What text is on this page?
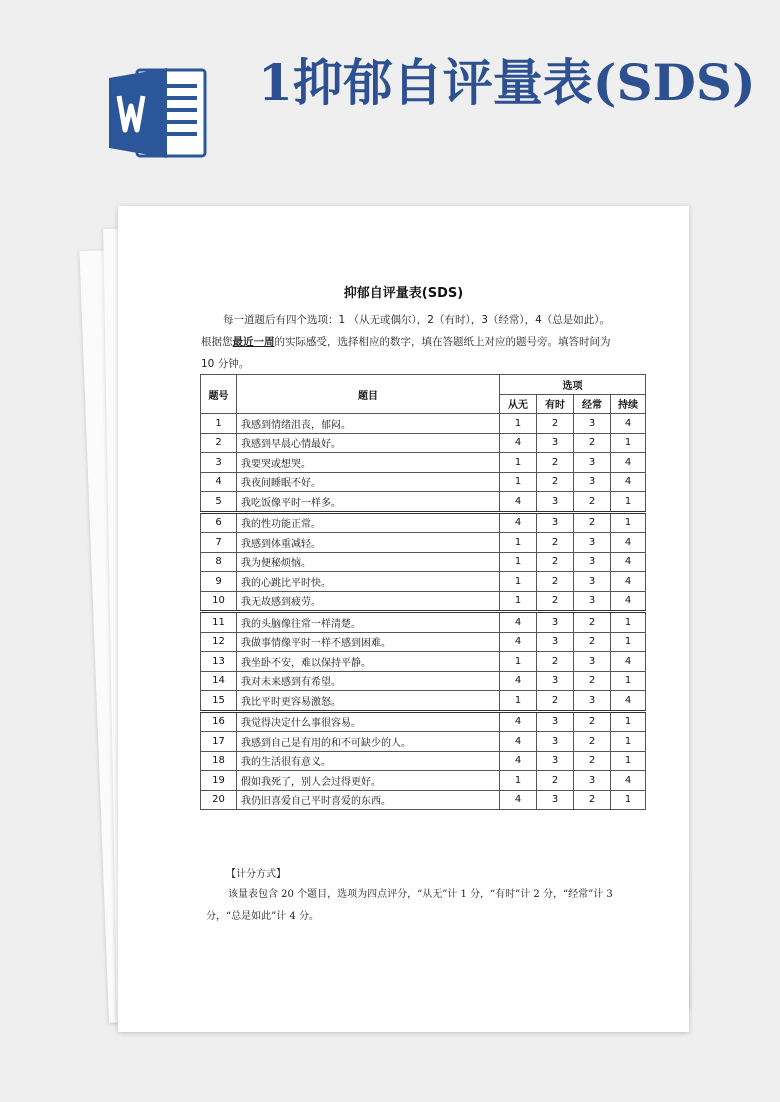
1抑郁自评量表(SDS)
抑郁自评量表(SDS)

每一道题后有四个选项：1 （从无或偶尔），2（有时），3（经常），4（总是如此）。根据您最近一周的实际感受，选择相应的数字，填在答题纸上对应的题号旁。填答时间为 10 分钟。

题号	题目	选项			
		从无	有时	经常	持续
1	我感到情绪沮丧，郁闷。	1	2	3	4
2	我感到早晨心情最好。	4	3	2	1
3	我要哭或想哭。	1	2	3	4
4	我夜间睡眠不好。	1	2	3	4
5	我吃饭像平时一样多。	4	3	2	1
6	我的性功能正常。	4	3	2	1
7	我感到体重减轻。	1	2	3	4
8	我为便秘烦恼。	1	2	3	4
9	我的心跳比平时快。	1	2	3	4
10	我无故感到疲劳。	1	2	3	4
11	我的头脑像往常一样清楚。	4	3	2	1
12	我做事情像平时一样不感到困难。	4	3	2	1
13	我坐卧不安，难以保持平静。	1	2	3	4
14	我对未来感到有希望。	4	3	2	1
15	我比平时更容易激怒。	1	2	3	4
16	我觉得决定什么事很容易。	4	3	2	1
17	我感到自己是有用的和不可缺少的人。	4	3	2	1
18	我的生活很有意义。	4	3	2	1
19	假如我死了，别人会过得更好。	1	2	3	4
20	我仍旧喜爱自己平时喜爱的东西。	4	3	2	1

【计分方式】

该量表包含 20 个题目，选项为四点评分，“从无”计 1 分，“有时”计 2 分，“经常”计 3 分，“总是如此”计 4 分。
